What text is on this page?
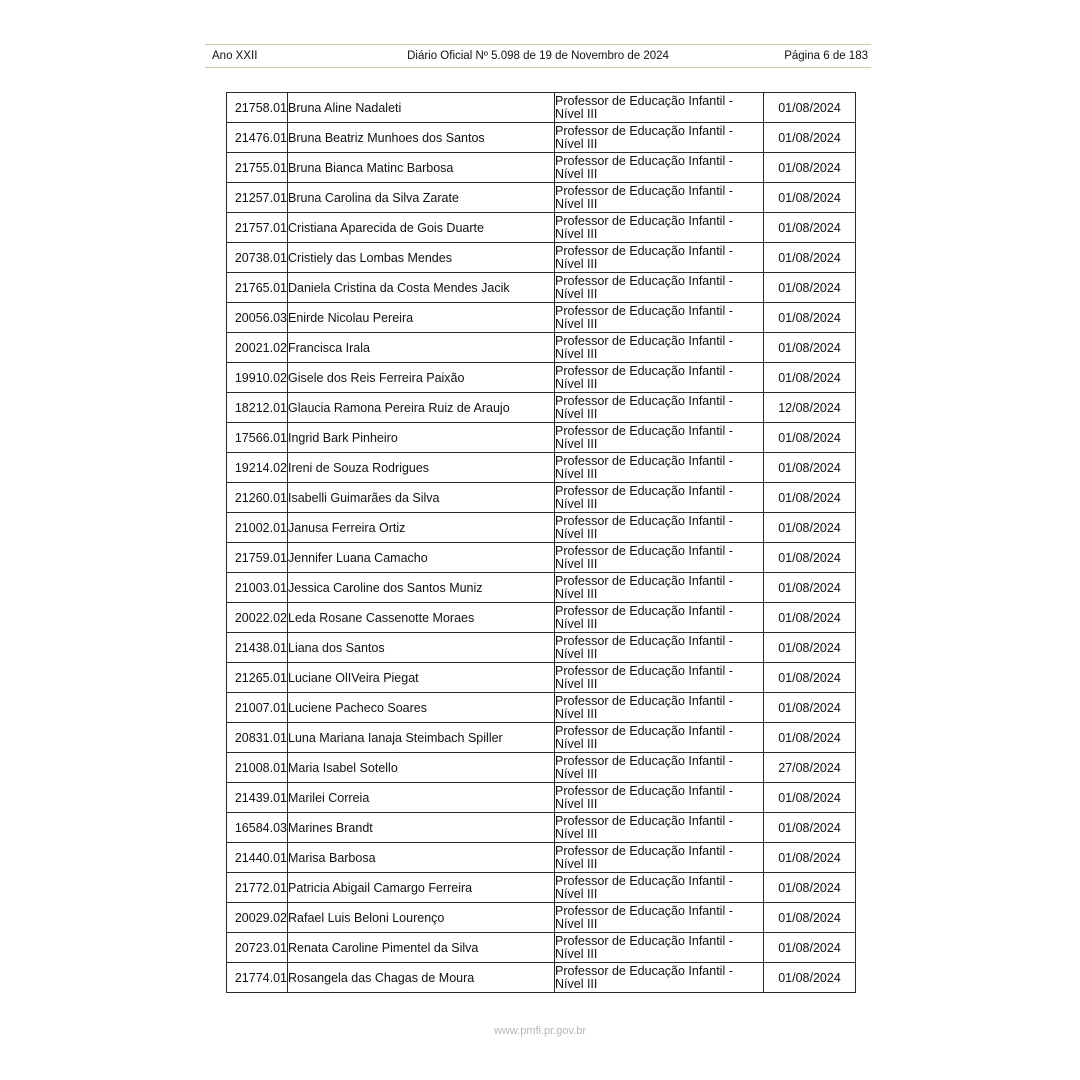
Ano XXII	Diário Oficial Nº 5.098 de 19 de Novembro de 2024	Página 6 de 183
21758.01	Bruna Aline Nadaleti	Professor de Educação Infantil -
Nível III	01/08/2024
21476.01	Bruna Beatriz Munhoes dos Santos	Professor de Educação Infantil -
Nível III	01/08/2024
21755.01	Bruna Bianca Matinc Barbosa	Professor de Educação Infantil -
Nível III	01/08/2024
21257.01	Bruna Carolina da Silva Zarate	Professor de Educação Infantil -
Nível III	01/08/2024
21757.01	Cristiana Aparecida de Gois Duarte	Professor de Educação Infantil -
Nível III	01/08/2024
20738.01	Cristiely das Lombas Mendes	Professor de Educação Infantil -
Nível III	01/08/2024
21765.01	Daniela Cristina da Costa Mendes Jacik	Professor de Educação Infantil -
Nível III	01/08/2024
20056.03	Enirde Nicolau Pereira	Professor de Educação Infantil -
Nível III	01/08/2024
20021.02	Francisca Irala	Professor de Educação Infantil -
Nível III	01/08/2024
19910.02	Gisele dos Reis Ferreira Paixão	Professor de Educação Infantil -
Nível III	01/08/2024
18212.01	Glaucia Ramona Pereira Ruiz de Araujo	Professor de Educação Infantil -
Nível III	12/08/2024
17566.01	Ingrid Bark Pinheiro	Professor de Educação Infantil -
Nível III	01/08/2024
19214.02	Ireni de Souza Rodrigues	Professor de Educação Infantil -
Nível III	01/08/2024
21260.01	Isabelli Guimarães da Silva	Professor de Educação Infantil -
Nível III	01/08/2024
21002.01	Janusa Ferreira Ortiz	Professor de Educação Infantil -
Nível III	01/08/2024
21759.01	Jennifer Luana Camacho	Professor de Educação Infantil -
Nível III	01/08/2024
21003.01	Jessica Caroline dos Santos Muniz	Professor de Educação Infantil -
Nível III	01/08/2024
20022.02	Leda Rosane Cassenotte Moraes	Professor de Educação Infantil -
Nível III	01/08/2024
21438.01	Liana dos Santos	Professor de Educação Infantil -
Nível III	01/08/2024
21265.01	Luciane OlIVeira Piegat	Professor de Educação Infantil -
Nível III	01/08/2024
21007.01	Luciene Pacheco Soares	Professor de Educação Infantil -
Nível III	01/08/2024
20831.01	Luna Mariana Ianaja Steimbach Spiller	Professor de Educação Infantil -
Nível III	01/08/2024
21008.01	Maria Isabel Sotello	Professor de Educação Infantil -
Nível III	27/08/2024
21439.01	Marilei Correia	Professor de Educação Infantil -
Nível III	01/08/2024
16584.03	Marines Brandt	Professor de Educação Infantil -
Nível III	01/08/2024
21440.01	Marisa Barbosa	Professor de Educação Infantil -
Nível III	01/08/2024
21772.01	Patricia Abigail Camargo Ferreira	Professor de Educação Infantil -
Nível III	01/08/2024
20029.02	Rafael Luis Beloni Lourenço	Professor de Educação Infantil -
Nível III	01/08/2024
20723.01	Renata Caroline Pimentel da Silva	Professor de Educação Infantil -
Nível III	01/08/2024
21774.01	Rosangela das Chagas de Moura	Professor de Educação Infantil -
Nível III	01/08/2024
www.pmfi.pr.gov.br
